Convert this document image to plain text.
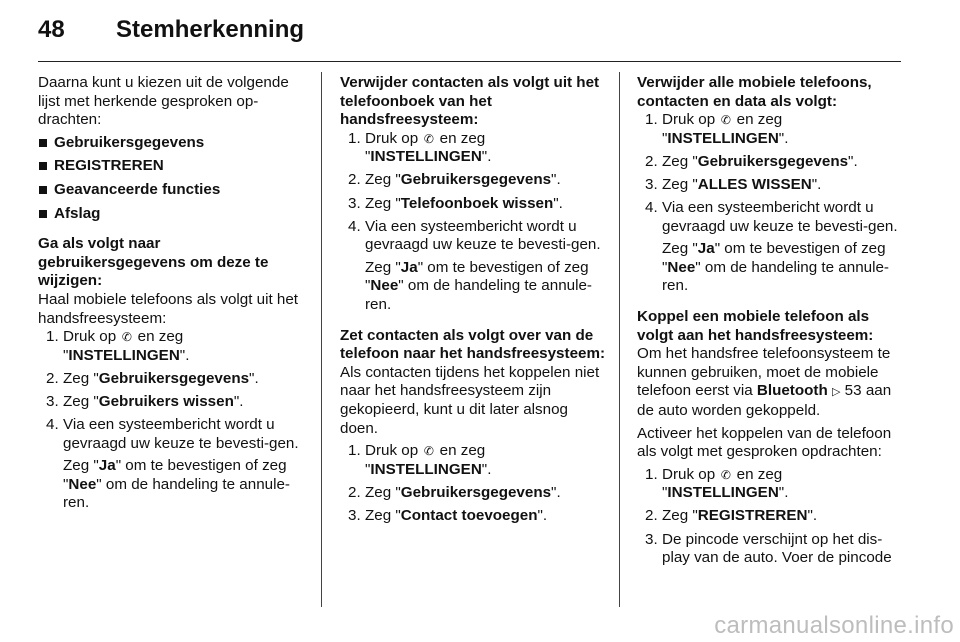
48	Stemherkenning

Daarna kunt u kiezen uit de volgende lijst met herkende gesproken op-drachten:

Gebruikersgegevens
REGISTREREN
Geavanceerde functies
Afslag

Ga als volgt naar gebruikersgegevens om deze te wijzigen:

Haal mobiele telefoons als volgt uit het handsfreesysteem:

1. Druk op ✆ en zeg "INSTELLINGEN".
2. Zeg "Gebruikersgegevens".
3. Zeg "Gebruikers wissen".
4. Via een systeembericht wordt u gevraagd uw keuze te bevesti-gen.
Zeg "Ja" om te bevestigen of zeg "Nee" om de handeling te annule-ren.

Verwijder contacten als volgt uit het telefoonboek van het handsfreesysteem:

1. Druk op ✆ en zeg "INSTELLINGEN".
2. Zeg "Gebruikersgegevens".
3. Zeg "Telefoonboek wissen".
4. Via een systeembericht wordt u gevraagd uw keuze te bevesti-gen.
Zeg "Ja" om te bevestigen of zeg "Nee" om de handeling te annule-ren.

Zet contacten als volgt over van de telefoon naar het handsfreesysteem:

Als contacten tijdens het koppelen niet naar het handsfreesysteem zijn gekopieerd, kunt u dit later alsnog doen.

1. Druk op ✆ en zeg "INSTELLINGEN".
2. Zeg "Gebruikersgegevens".
3. Zeg "Contact toevoegen".

Verwijder alle mobiele telefoons, contacten en data als volgt:

1. Druk op ✆ en zeg "INSTELLINGEN".
2. Zeg "Gebruikersgegevens".
3. Zeg "ALLES WISSEN".
4. Via een systeembericht wordt u gevraagd uw keuze te bevesti-gen.
Zeg "Ja" om te bevestigen of zeg "Nee" om de handeling te annule-ren.

Koppel een mobiele telefoon als volgt aan het handsfreesysteem:

Om het handsfree telefoonsysteem te kunnen gebruiken, moet de mobiele telefoon eerst via Bluetooth ▷ 53 aan de auto worden gekoppeld.

Activeer het koppelen van de telefoon als volgt met gesproken opdrachten:

1. Druk op ✆ en zeg "INSTELLINGEN".
2. Zeg "REGISTREREN".
3. De pincode verschijnt op het dis-play van de auto. Voer de pincode
carmanualsonline.info
